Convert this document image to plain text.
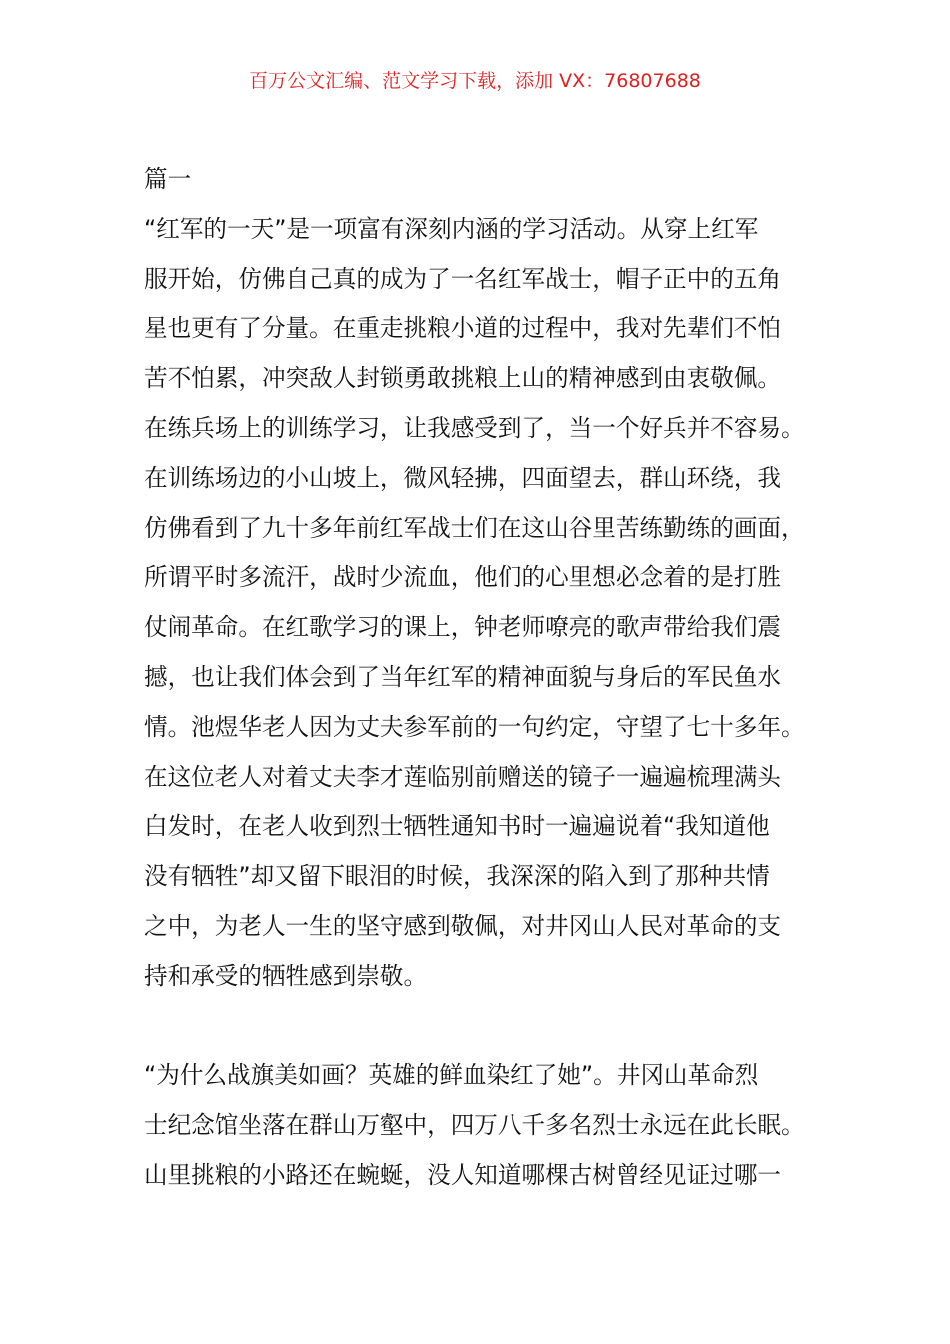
百万公文汇编、范文学习下载，添加 VX：76807688
篇一
“红军的一天”是一项富有深刻内涵的学习活动。从穿上红军
服开始，仿佛自己真的成为了一名红军战士，帽子正中的五角
星也更有了分量。在重走挑粮小道的过程中，我对先辈们不怕
苦不怕累，冲突敌人封锁勇敢挑粮上山的精神感到由衷敬佩。
在练兵场上的训练学习，让我感受到了，当一个好兵并不容易。
在训练场边的小山坡上，微风轻拂，四面望去，群山环绕，我
仿佛看到了九十多年前红军战士们在这山谷里苦练勤练的画面，
所谓平时多流汗，战时少流血，他们的心里想必念着的是打胜
仗闹革命。在红歌学习的课上，钟老师嘹亮的歌声带给我们震
撼，也让我们体会到了当年红军的精神面貌与身后的军民鱼水
情。池煜华老人因为丈夫参军前的一句约定，守望了七十多年。
在这位老人对着丈夫李才莲临别前赠送的镜子一遍遍梳理满头
白发时，在老人收到烈士牺牲通知书时一遍遍说着“我知道他
没有牺牲”却又留下眼泪的时候，我深深的陷入到了那种共情
之中，为老人一生的坚守感到敬佩，对井冈山人民对革命的支
持和承受的牺牲感到崇敬。
“为什么战旗美如画？英雄的鲜血染红了她”。井冈山革命烈
士纪念馆坐落在群山万壑中，四万八千多名烈士永远在此长眠。
山里挑粮的小路还在蜿蜒，没人知道哪棵古树曾经见证过哪一
